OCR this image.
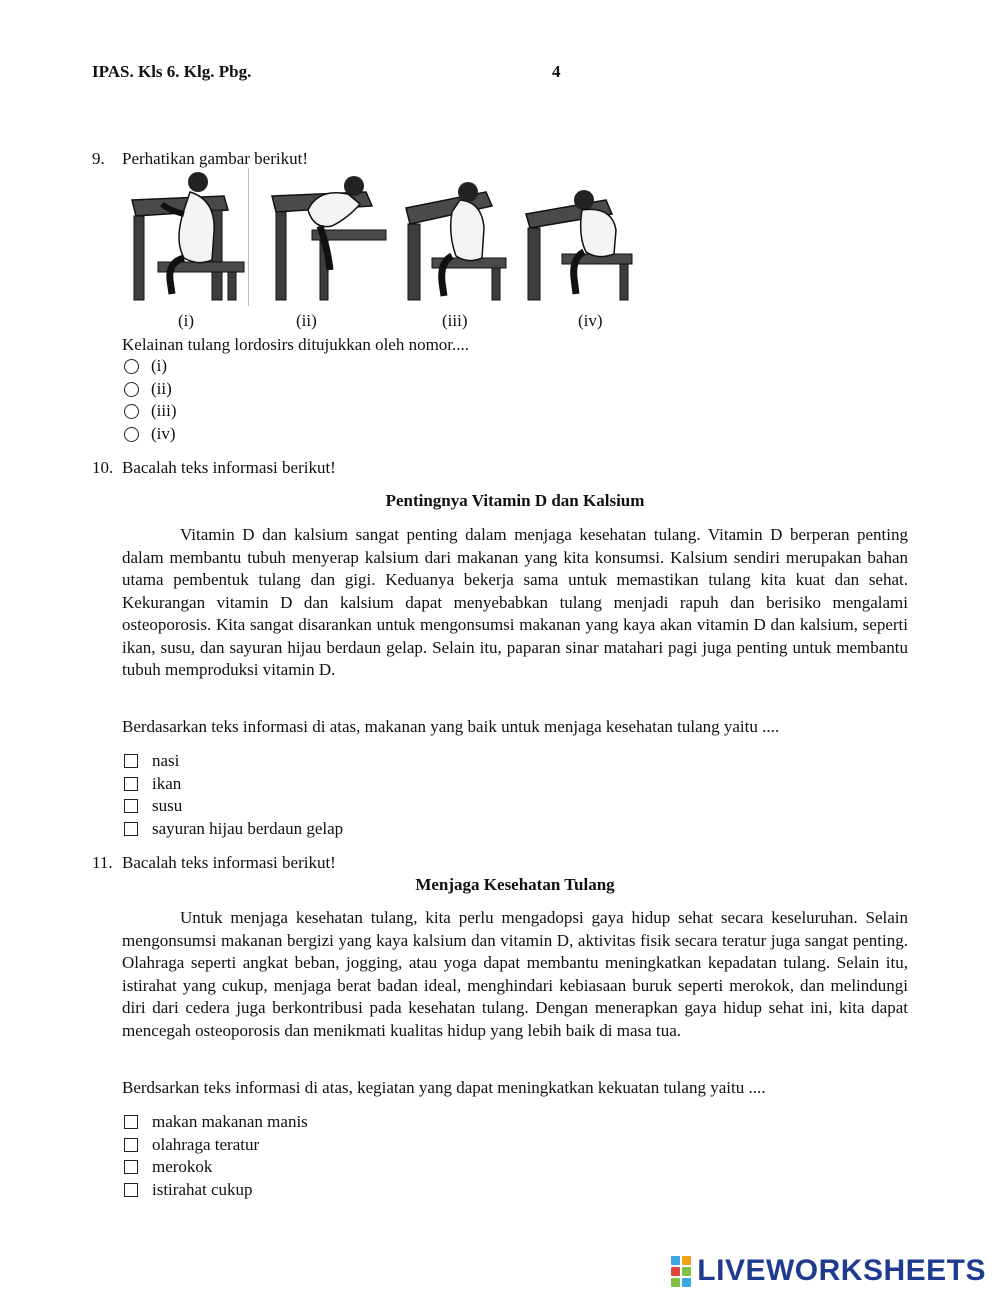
IPAS. Kls 6. Klg. Pbg.	4
9. Perhatikan gambar berikut!
(i)	(ii)	(iii)	(iv)
Kelainan tulang lordosirs ditujukkan oleh nomor....
(i)
(ii)
(iii)
(iv)
10. Bacalah teks informasi berikut!
Pentingnya Vitamin D dan Kalsium
Vitamin D dan kalsium sangat penting dalam menjaga kesehatan tulang. Vitamin D berperan penting dalam membantu tubuh menyerap kalsium dari makanan yang kita konsumsi. Kalsium sendiri merupakan bahan utama pembentuk tulang dan gigi. Keduanya bekerja sama untuk memastikan tulang kita kuat dan sehat. Kekurangan vitamin D dan kalsium dapat menyebabkan tulang menjadi rapuh dan berisiko mengalami osteoporosis. Kita sangat disarankan untuk mengonsumsi makanan yang kaya akan vitamin D dan kalsium, seperti ikan, susu, dan sayuran hijau berdaun gelap. Selain itu, paparan sinar matahari pagi juga penting untuk membantu tubuh memproduksi vitamin D.
Berdasarkan teks informasi di atas, makanan yang baik untuk menjaga kesehatan tulang yaitu ....
nasi
ikan
susu
sayuran hijau berdaun gelap
11. Bacalah teks informasi berikut!
Menjaga Kesehatan Tulang
Untuk menjaga kesehatan tulang, kita perlu mengadopsi gaya hidup sehat secara keseluruhan. Selain mengonsumsi makanan bergizi yang kaya kalsium dan vitamin D, aktivitas fisik secara teratur juga sangat penting. Olahraga seperti angkat beban, jogging, atau yoga dapat membantu meningkatkan kepadatan tulang. Selain itu, istirahat yang cukup, menjaga berat badan ideal, menghindari kebiasaan buruk seperti merokok, dan melindungi diri dari cedera juga berkontribusi pada kesehatan tulang. Dengan menerapkan gaya hidup sehat ini, kita dapat mencegah osteoporosis dan menikmati kualitas hidup yang lebih baik di masa tua.
Berdsarkan teks informasi di atas, kegiatan yang dapat meningkatkan kekuatan tulang yaitu ....
makan makanan manis
olahraga teratur
merokok
istirahat cukup
LIVEWORKSHEETS
